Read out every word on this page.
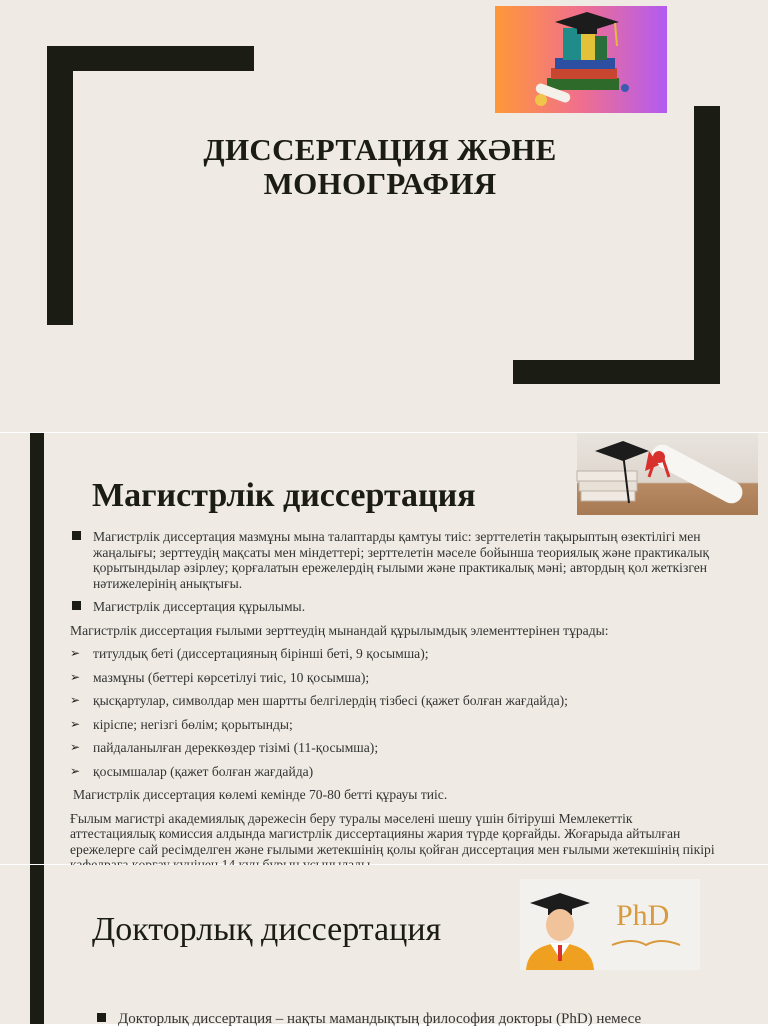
ДИССЕРТАЦИЯ ЖӘНЕ
МОНОГРАФИЯ
Магистрлік диссертация
Магистрлік диссертация мазмұны мына талаптарды қамтуы тиіс: зерттелетін тақырыптың өзектілігі мен жаңалығы; зерттеудің мақсаты мен міндеттері; зерттелетін мәселе бойынша теориялық және практикалық қорытындылар әзірлеу; қорғалатын ережелердің ғылыми және практикалық мәні; автордың қол жеткізген нәтижелерінің анықтығы.
Магистрлік диссертация құрылымы.
Магистрлік диссертация ғылыми зерттеудің мынандай құрылымдық элементтерінен тұрады:
➢ титулдық беті (диссертацияның бірінші беті, 9 қосымша);
➢ мазмұны (беттері көрсетілуі тиіс, 10 қосымша);
➢ қысқартулар, символдар мен шартты белгілердің тізбесі (қажет болған жағдайда);
➢ кіріспе; негізгі бөлім; қорытынды;
➢ пайдаланылған дереккөздер тізімі (11-қосымша);
➢ қосымшалар (қажет болған жағдайда)
Магистрлік диссертация көлемі кемінде 70-80 бетті құрауы тиіс.
Ғылым магистрі академиялық дәрежесін беру туралы мәселені шешу үшін бітіруші Мемлекеттік аттестациялық комиссия алдында магистрлік диссертацияны жария түрде қорғайды. Жоғарыда айтылған ережелерге сай ресімделген және ғылыми жетекшінің қолы қойған диссертация мен ғылыми жетекшінің пікірі
Докторлық диссертация	PhD
Докторлық диссертация – нақты мамандықтың философия докторы (PhD) немесе
